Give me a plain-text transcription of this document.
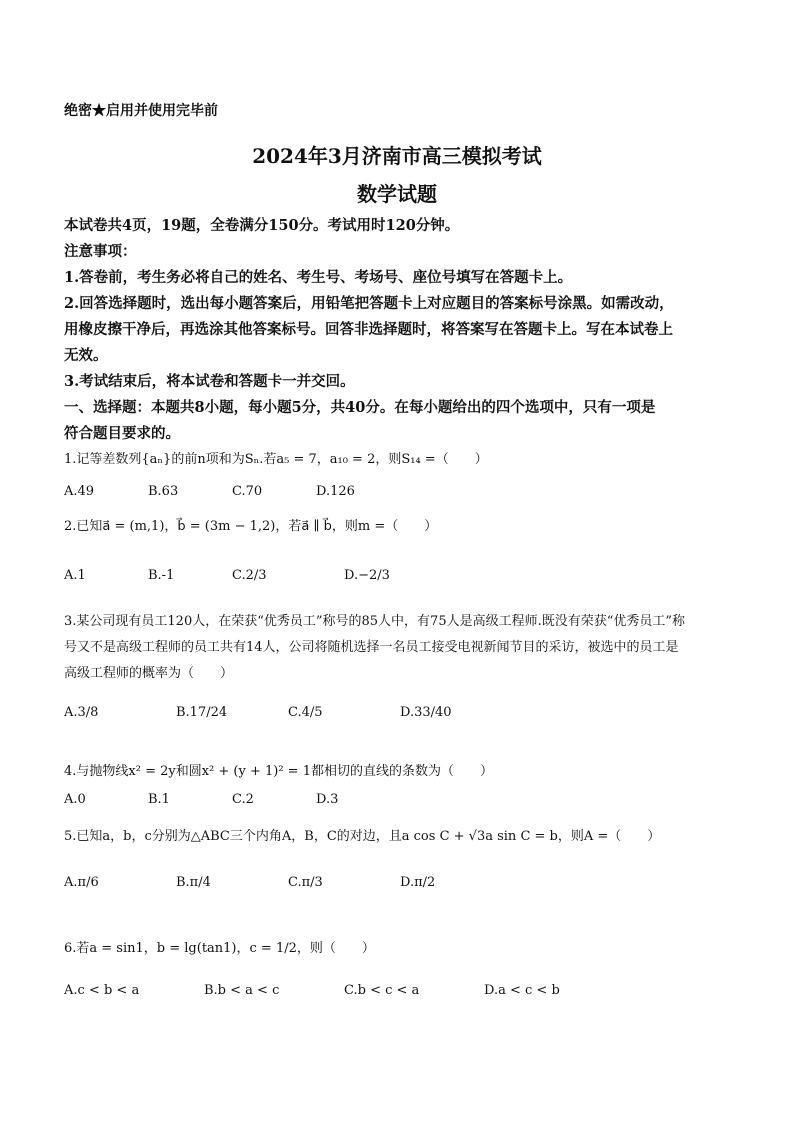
绝密★启用并使用完毕前
2024年3月济南市高三模拟考试
数学试题
本试卷共4页，19题，全卷满分150分。考试用时120分钟。
注意事项：
1.答卷前，考生务必将自己的姓名、考生号、考场号、座位号填写在答题卡上。
2.回答选择题时，选出每小题答案后，用铅笔把答题卡上对应题目的答案标号涂黑。如需改动，
用橡皮擦干净后，再选涂其他答案标号。回答非选择题时，将答案写在答题卡上。写在本试卷上
无效。
3.考试结束后，将本试卷和答题卡一并交回。
一、选择题：本题共8小题，每小题5分，共40分。在每小题给出的四个选项中，只有一项是
符合题目要求的。
1.记等差数列{aₙ}的前n项和为Sₙ.若a₅ = 7，a₁₀ = 2，则S₁₄ =（　　）
A.49	B.63	C.70	D.126
2.已知a⃗ = (m,1)，b⃗ = (3m − 1,2)，若a⃗ ∥ b⃗，则m =（　　）
A.1	B.-1	C.2/3	D.−2/3
3.某公司现有员工120人，在荣获“优秀员工”称号的85人中，有75人是高级工程师.既没有荣获“优秀员工”称
号又不是高级工程师的员工共有14人，公司将随机选择一名员工接受电视新闻节目的采访，被选中的员工是
高级工程师的概率为（　　）
A.3/8	B.17/24	C.4/5	D.33/40
4.与抛物线x² = 2y和圆x² + (y + 1)² = 1都相切的直线的条数为（　　）
A.0	B.1	C.2	D.3
5.已知a，b，c分别为△ABC三个内角A，B，C的对边，且a cos C + √3a sin C = b，则A =（　　）
A.π/6	B.π/4	C.π/3	D.π/2
6.若a = sin1，b = lg(tan1)，c = 1/2，则（　　）
A.c < b < a	B.b < a < c	C.b < c < a	D.a < c < b
